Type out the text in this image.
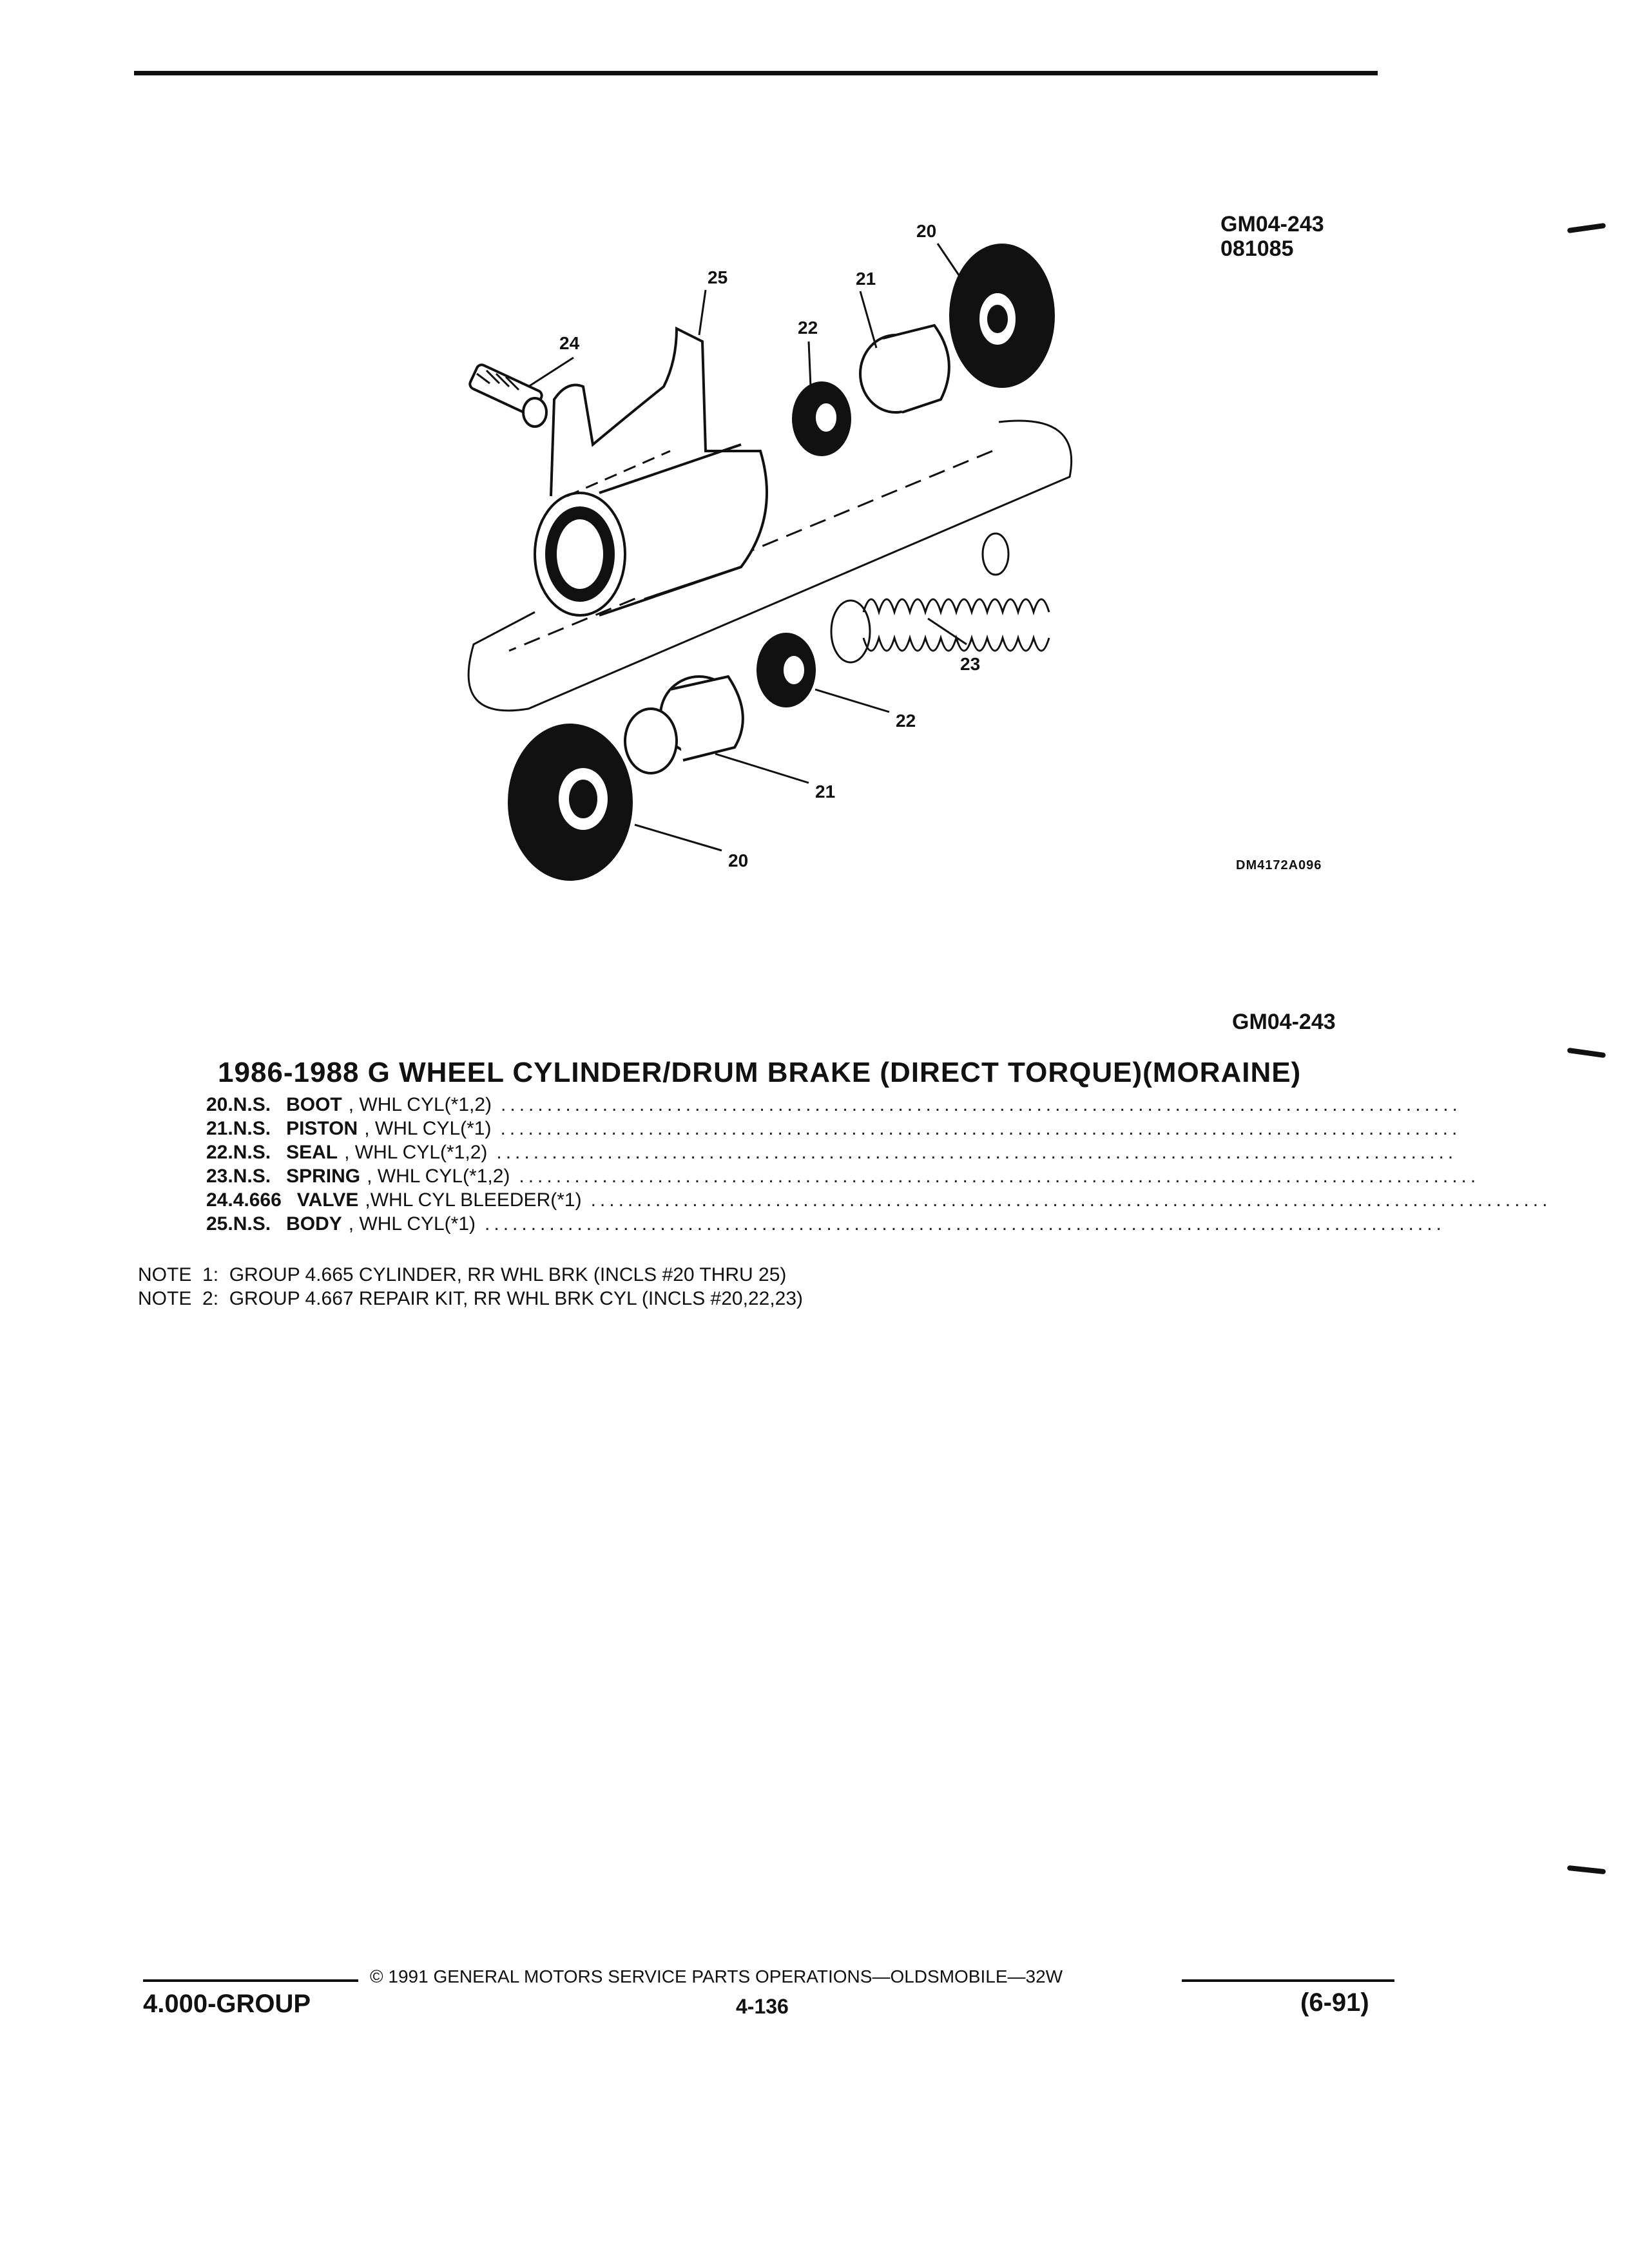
GM04-243
081085
20
25	21
22
24
23
22
21
20	DM4172A096
GM04-243
1986-1988 G WHEEL CYLINDER/DRUM BRAKE (DIRECT TORQUE)(MORAINE)
20. N.S. BOOT , WHL CYL(*1,2) ........................................................................................................
21. N.S. PISTON , WHL CYL(*1) ........................................................................................................
22. N.S. SEAL , WHL CYL(*1,2) ........................................................................................................
23. N.S. SPRING , WHL CYL(*1,2) ........................................................................................................
24. 4.666 VALVE ,WHL CYL BLEEDER(*1) ........................................................................................................
25. N.S. BODY , WHL CYL(*1) ........................................................................................................
NOTE  1:  GROUP 4.665 CYLINDER, RR WHL BRK (INCLS #20 THRU 25)
NOTE  2:  GROUP 4.667 REPAIR KIT, RR WHL BRK CYL (INCLS #20,22,23)
© 1991 GENERAL MOTORS SERVICE PARTS OPERATIONS—OLDSMOBILE—32W
4.000-GROUP	4-136	(6-91)
